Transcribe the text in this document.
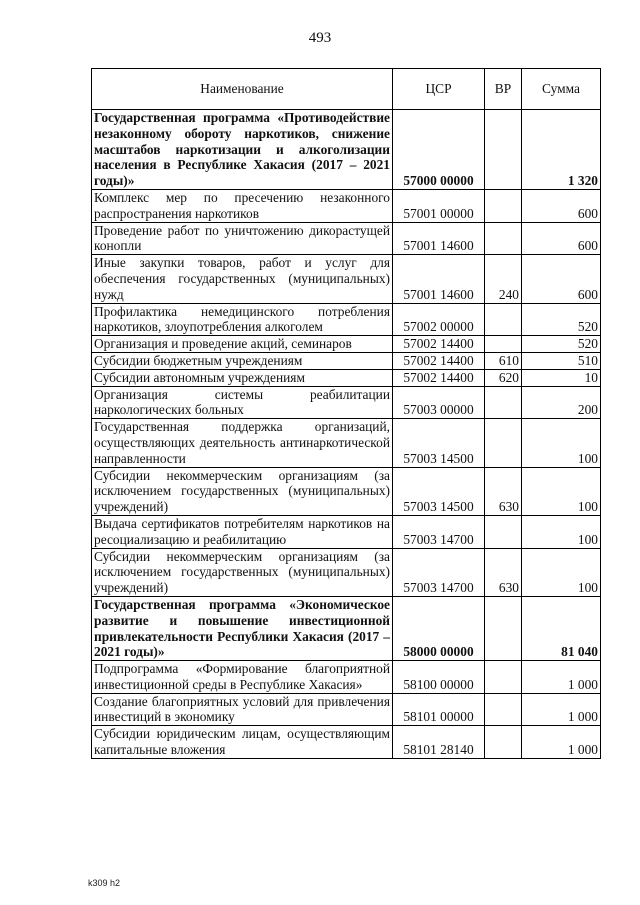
493
Наименование	ЦСР	ВР	Сумма
Государственная программа «Противодействие незаконному обороту наркотиков, снижение масштабов наркотизации и алкоголизации населения в Республике Хакасия (2017 – 2021 годы)»	57000 00000		1 320
Комплекс мер по пресечению незаконного распространения наркотиков	57001 00000		600
Проведение работ по уничтожению дикорастущей конопли	57001 14600		600
Иные закупки товаров, работ и услуг для обеспечения государственных (муниципальных) нужд	57001 14600	240	600
Профилактика немедицинского потребления наркотиков, злоупотребления алкоголем	57002 00000		520
Организация и проведение акций, семинаров	57002 14400		520
Субсидии бюджетным учреждениям	57002 14400	610	510
Субсидии автономным учреждениям	57002 14400	620	10
Организация системы реабилитации наркологических больных	57003 00000		200
Государственная поддержка организаций, осуществляющих деятельность антинаркотической направленности	57003 14500		100
Субсидии некоммерческим организациям (за исключением государственных (муниципальных) учреждений)	57003 14500	630	100
Выдача сертификатов потребителям наркотиков на ресоциализацию и реабилитацию	57003 14700		100
Субсидии некоммерческим организациям (за исключением государственных (муниципальных) учреждений)	57003 14700	630	100
Государственная программа «Экономическое развитие и повышение инвестиционной привлекательности Республики Хакасия (2017 – 2021 годы)»	58000 00000		81 040
Подпрограмма «Формирование благоприятной инвестиционной среды в Республике Хакасия»	58100 00000		1 000
Создание благоприятных условий для привлечения инвестиций в экономику	58101 00000		1 000
Субсидии юридическим лицам, осуществляющим капитальные вложения	58101 28140		1 000
k309 h2
